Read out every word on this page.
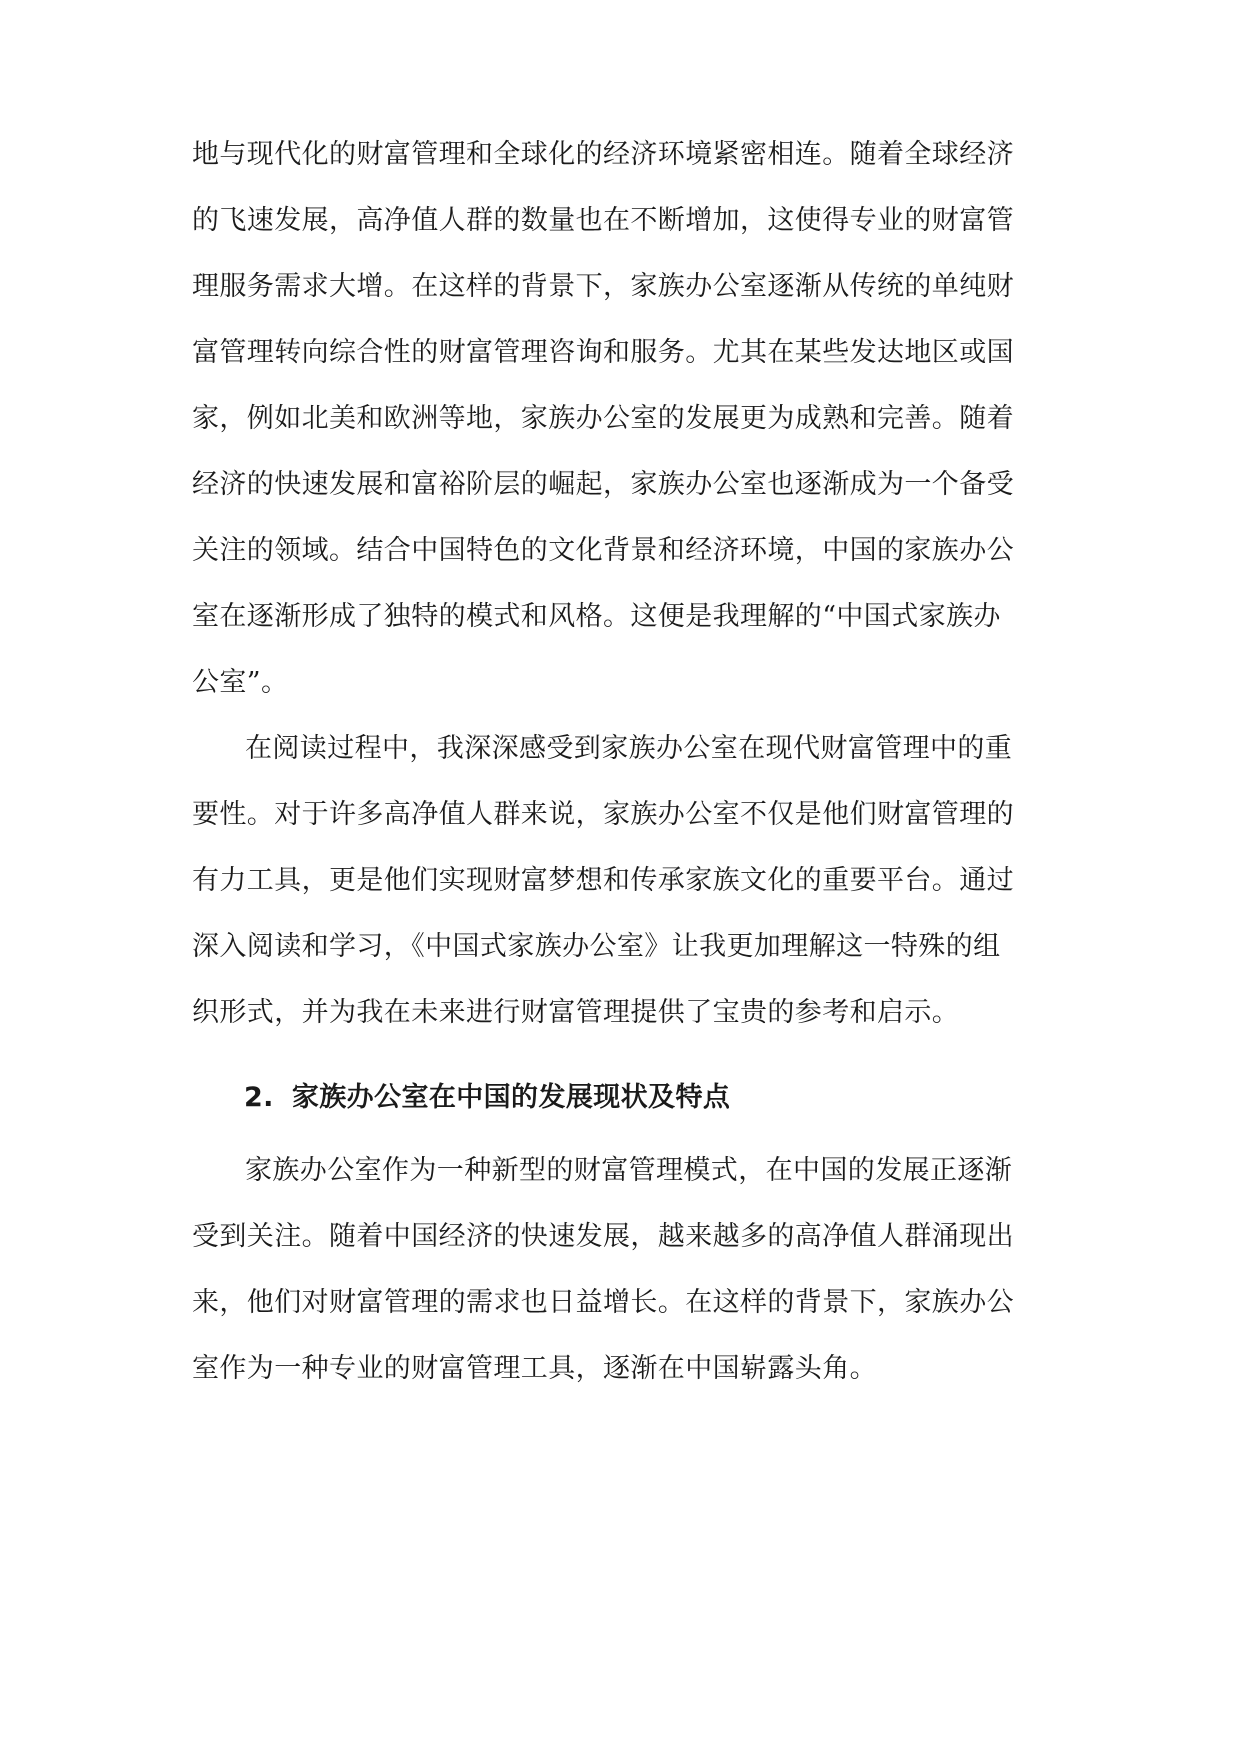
地与现代化的财富管理和全球化的经济环境紧密相连。随着全球经济
的飞速发展，高净值人群的数量也在不断增加，这使得专业的财富管
理服务需求大增。在这样的背景下，家族办公室逐渐从传统的单纯财
富管理转向综合性的财富管理咨询和服务。尤其在某些发达地区或国
家，例如北美和欧洲等地，家族办公室的发展更为成熟和完善。随着
经济的快速发展和富裕阶层的崛起，家族办公室也逐渐成为一个备受
关注的领域。结合中国特色的文化背景和经济环境，中国的家族办公
室在逐渐形成了独特的模式和风格。这便是我理解的“中国式家族办
公室”。
在阅读过程中，我深深感受到家族办公室在现代财富管理中的重
要性。对于许多高净值人群来说，家族办公室不仅是他们财富管理的
有力工具，更是他们实现财富梦想和传承家族文化的重要平台。通过
深入阅读和学习，《中国式家族办公室》让我更加理解这一特殊的组
织形式，并为我在未来进行财富管理提供了宝贵的参考和启示。
2. 家族办公室在中国的发展现状及特点
家族办公室作为一种新型的财富管理模式，在中国的发展正逐渐
受到关注。随着中国经济的快速发展，越来越多的高净值人群涌现出
来，他们对财富管理的需求也日益增长。在这样的背景下，家族办公
室作为一种专业的财富管理工具，逐渐在中国崭露头角。
